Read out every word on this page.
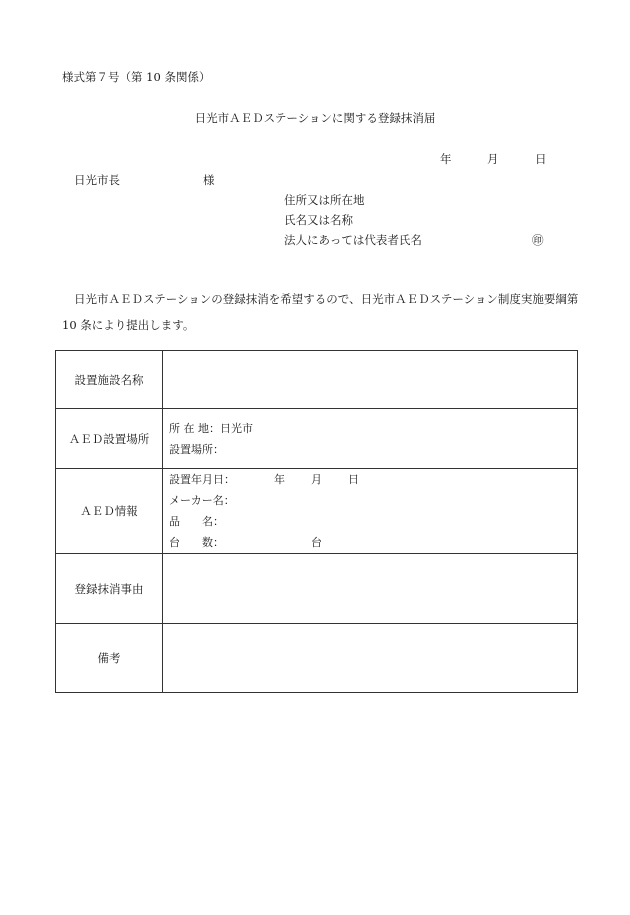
様式第７号（第 10 条関係）
日光市ＡＥＤステーションに関する登録抹消届
年	月	日
日光市長	様
住所又は所在地
氏名又は名称
法人にあっては代表者氏名	㊞
日光市ＡＥＤステーションの登録抹消を希望するので、日光市ＡＥＤステーション制度実施要綱第 10 条により提出します。
設置施設名称	
ＡＥＤ設置場所	所 在 地：日光市
設置場所：

ＡＥＤ情報	設置年月日： 年 月 日
メーカー名：
品　　名：
台　　数： 台

登録抹消事由	
備考	
